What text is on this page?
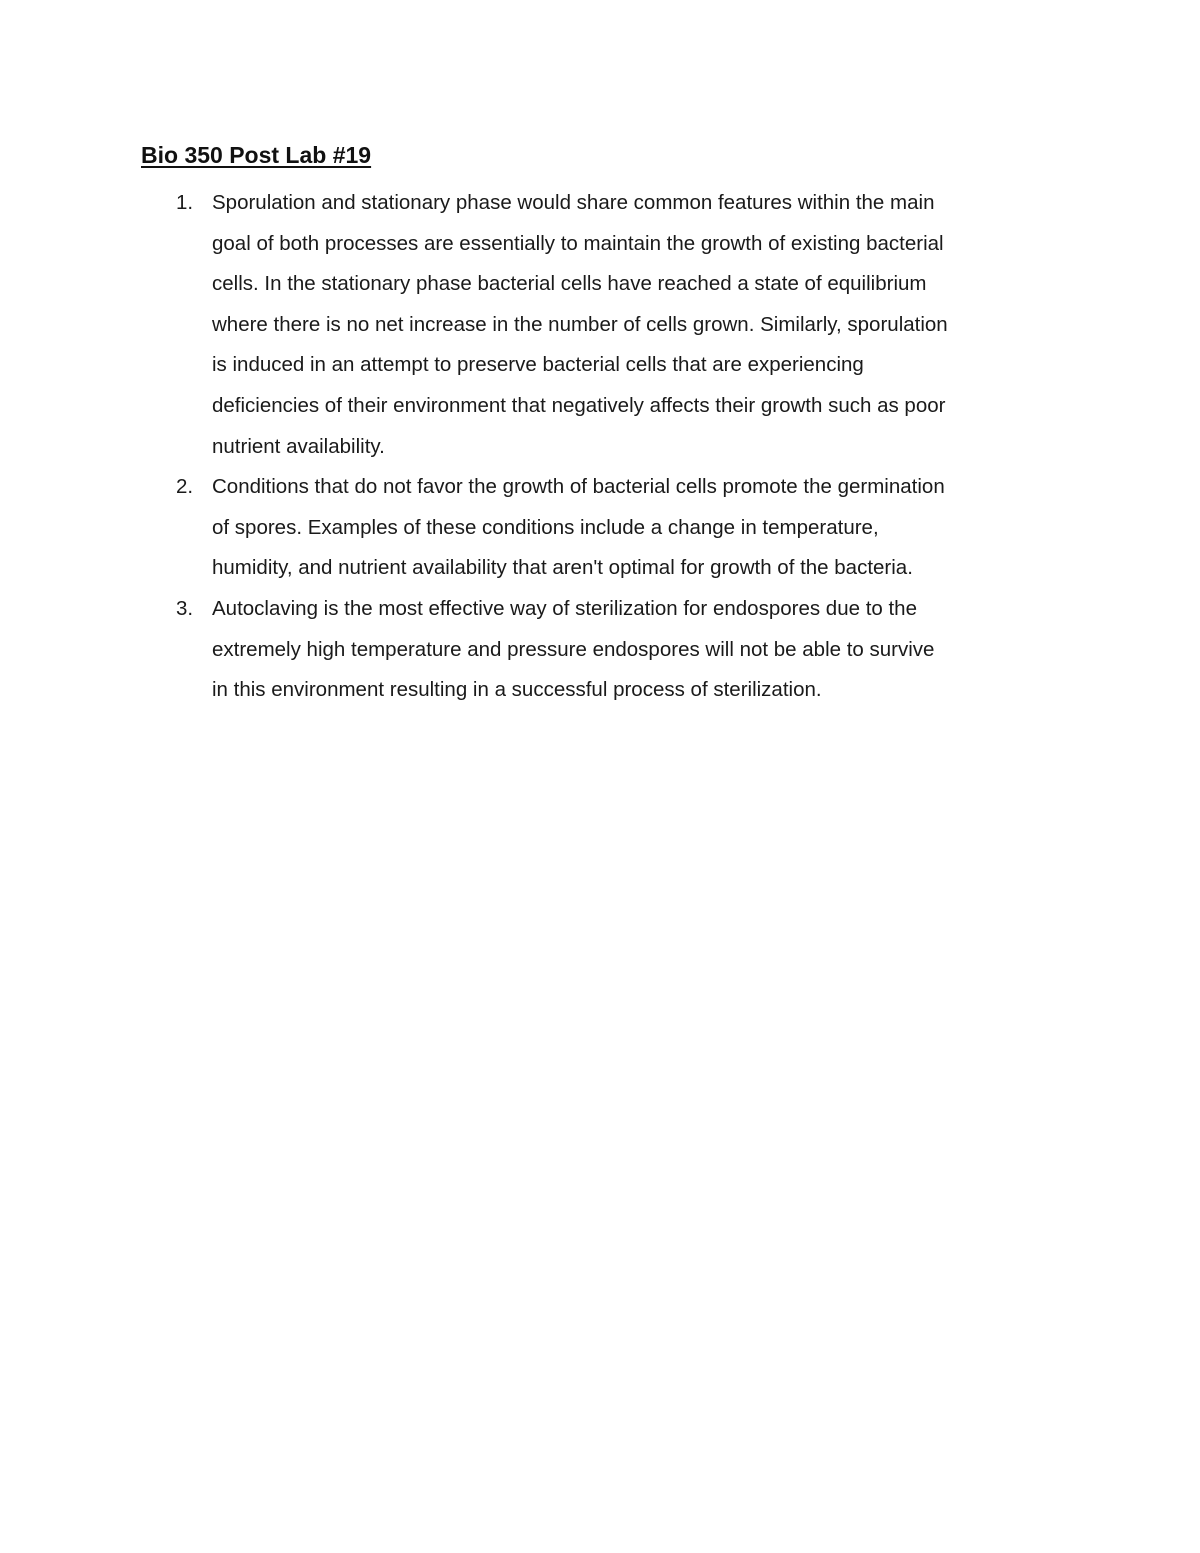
Bio 350 Post Lab #19
1. Sporulation and stationary phase would share common features within the main
goal of both processes are essentially to maintain the growth of existing bacterial
cells. In the stationary phase bacterial cells have reached a state of equilibrium
where there is no net increase in the number of cells grown. Similarly, sporulation
is induced in an attempt to preserve bacterial cells that are experiencing
deficiencies of their environment that negatively affects their growth such as poor
nutrient availability.
2. Conditions that do not favor the growth of bacterial cells promote the germination
of spores. Examples of these conditions include a change in temperature,
humidity, and nutrient availability that aren't optimal for growth of the bacteria.
3. Autoclaving is the most effective way of sterilization for endospores due to the
extremely high temperature and pressure endospores will not be able to survive
in this environment resulting in a successful process of sterilization.
